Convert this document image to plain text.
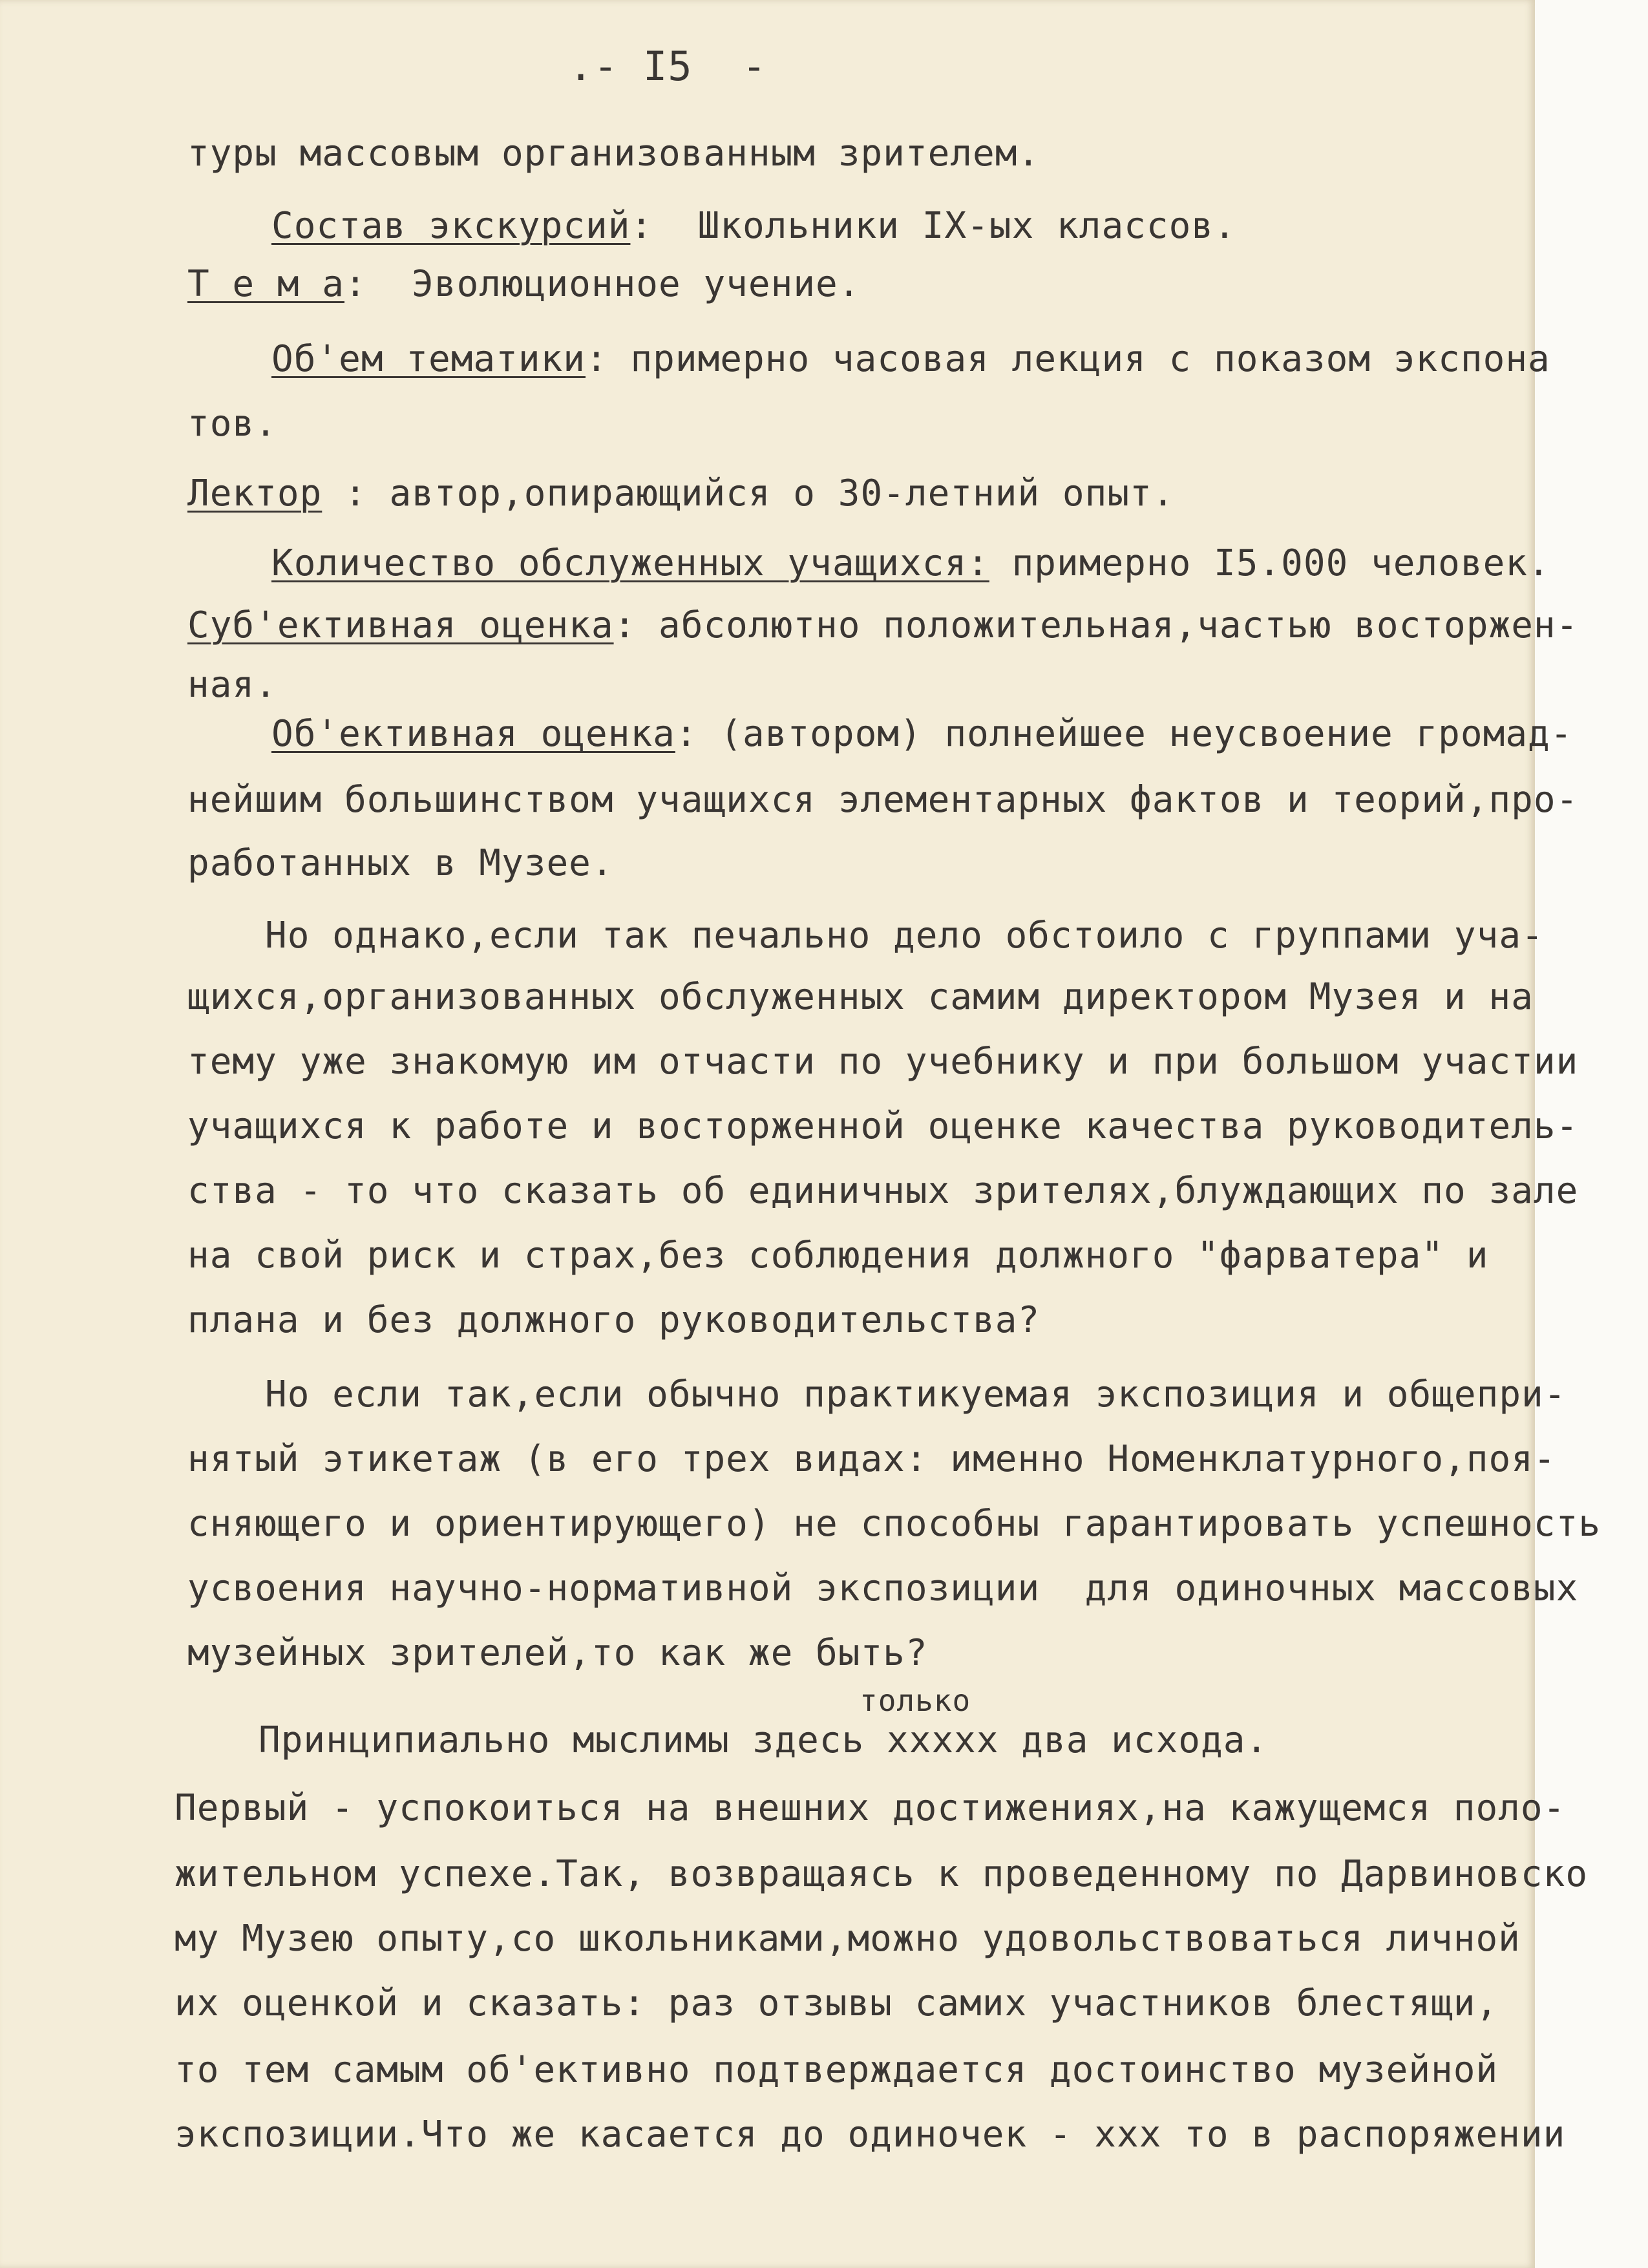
.- I5  -
туры массовым организованным зрителем.
Состав экскурсий:  Школьники IX-ых классов.
Т е м а:  Эволюционное учение.
Об'ем тематики: примерно часовая лекция с показом экспона
тов.
Лектор : автор,опирающийся о 30-летний опыт.
Количество обслуженных учащихся: примерно I5.000 человек.
Суб'ективная оценка: абсолютно положительная,частью восторжен-
ная.
Об'ективная оценка: (автором) полнейшее неусвоение громад-
нейшим большинством учащихся элементарных фактов и теорий,про-
работанных в Музее.
Но однако,если так печально дело обстоило с группами уча-
щихся,организованных обслуженных самим директором Музея и на
тему уже знакомую им отчасти по учебнику и при большом участии
учащихся к работе и восторженной оценке качества руководитель-
ства - то что сказать об единичных зрителях,блуждающих по зале
на свой риск и страх,без соблюдения должного "фарватера" и
плана и без должного руководительства?
Но если так,если обычно практикуемая экспозиция и общепри-
нятый этикетаж (в его трех видах: именно Номенклатурного,поя-
сняющего и ориентирующего) не способны гарантировать успешность
усвоения научно-нормативной экспозиции  для одиночных массовых
музейных зрителей,то как же быть?
только
Принципиально мыслимы здесь ххххх два исхода.
Первый - успокоиться на внешних достижениях,на кажущемся поло-
жительном успехе.Так, возвращаясь к проведенному по Дарвиновско
му Музею опыту,со школьниками,можно удовольствоваться личной
их оценкой и сказать: раз отзывы самих участников блестящи,
то тем самым об'ективно подтверждается достоинство музейной
экспозиции.Что же касается до одиночек - ххх то в распоряжении
